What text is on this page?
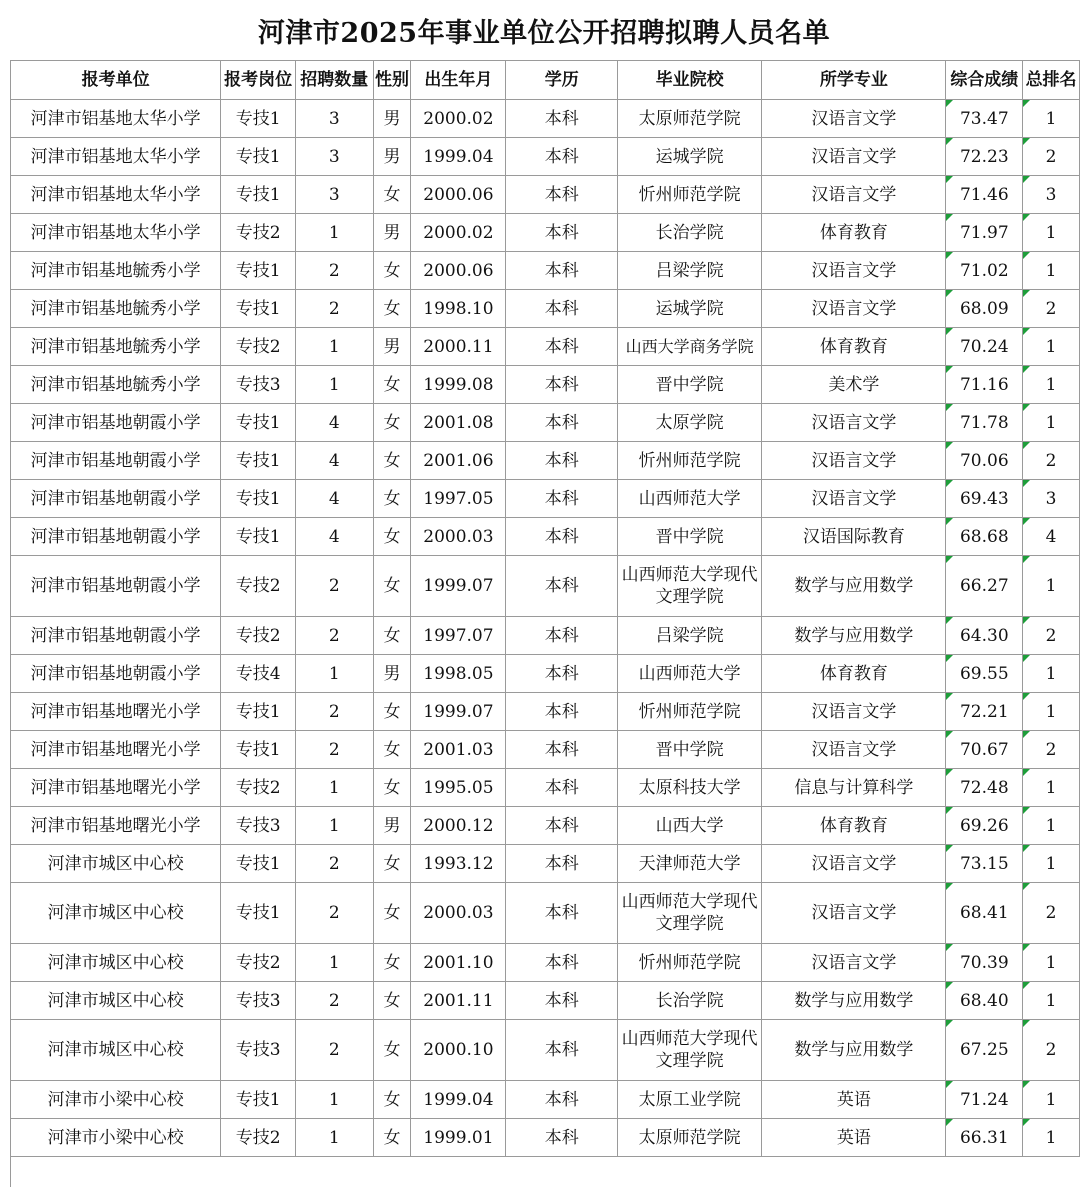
河津市2025年事业单位公开招聘拟聘人员名单
报考单位	报考岗位	招聘数量	性别	出生年月	学历	毕业院校	所学专业	综合成绩	总排名
河津市铝基地太华小学	专技1	3	男	2000.02	本科	太原师范学院	汉语言文学	73.47	1
河津市铝基地太华小学	专技1	3	男	1999.04	本科	运城学院	汉语言文学	72.23	2
河津市铝基地太华小学	专技1	3	女	2000.06	本科	忻州师范学院	汉语言文学	71.46	3
河津市铝基地太华小学	专技2	1	男	2000.02	本科	长治学院	体育教育	71.97	1
河津市铝基地毓秀小学	专技1	2	女	2000.06	本科	吕梁学院	汉语言文学	71.02	1
河津市铝基地毓秀小学	专技1	2	女	1998.10	本科	运城学院	汉语言文学	68.09	2
河津市铝基地毓秀小学	专技2	1	男	2000.11	本科	山西大学商务学院	体育教育	70.24	1
河津市铝基地毓秀小学	专技3	1	女	1999.08	本科	晋中学院	美术学	71.16	1
河津市铝基地朝霞小学	专技1	4	女	2001.08	本科	太原学院	汉语言文学	71.78	1
河津市铝基地朝霞小学	专技1	4	女	2001.06	本科	忻州师范学院	汉语言文学	70.06	2
河津市铝基地朝霞小学	专技1	4	女	1997.05	本科	山西师范大学	汉语言文学	69.43	3
河津市铝基地朝霞小学	专技1	4	女	2000.03	本科	晋中学院	汉语国际教育	68.68	4
河津市铝基地朝霞小学	专技2	2	女	1999.07	本科	山西师范大学现代文理学院	数学与应用数学	66.27	1
河津市铝基地朝霞小学	专技2	2	女	1997.07	本科	吕梁学院	数学与应用数学	64.30	2
河津市铝基地朝霞小学	专技4	1	男	1998.05	本科	山西师范大学	体育教育	69.55	1
河津市铝基地曙光小学	专技1	2	女	1999.07	本科	忻州师范学院	汉语言文学	72.21	1
河津市铝基地曙光小学	专技1	2	女	2001.03	本科	晋中学院	汉语言文学	70.67	2
河津市铝基地曙光小学	专技2	1	女	1995.05	本科	太原科技大学	信息与计算科学	72.48	1
河津市铝基地曙光小学	专技3	1	男	2000.12	本科	山西大学	体育教育	69.26	1
河津市城区中心校	专技1	2	女	1993.12	本科	天津师范大学	汉语言文学	73.15	1
河津市城区中心校	专技1	2	女	2000.03	本科	山西师范大学现代文理学院	汉语言文学	68.41	2
河津市城区中心校	专技2	1	女	2001.10	本科	忻州师范学院	汉语言文学	70.39	1
河津市城区中心校	专技3	2	女	2001.11	本科	长治学院	数学与应用数学	68.40	1
河津市城区中心校	专技3	2	女	2000.10	本科	山西师范大学现代文理学院	数学与应用数学	67.25	2
河津市小梁中心校	专技1	1	女	1999.04	本科	太原工业学院	英语	71.24	1
河津市小梁中心校	专技2	1	女	1999.01	本科	太原师范学院	英语	66.31	1
